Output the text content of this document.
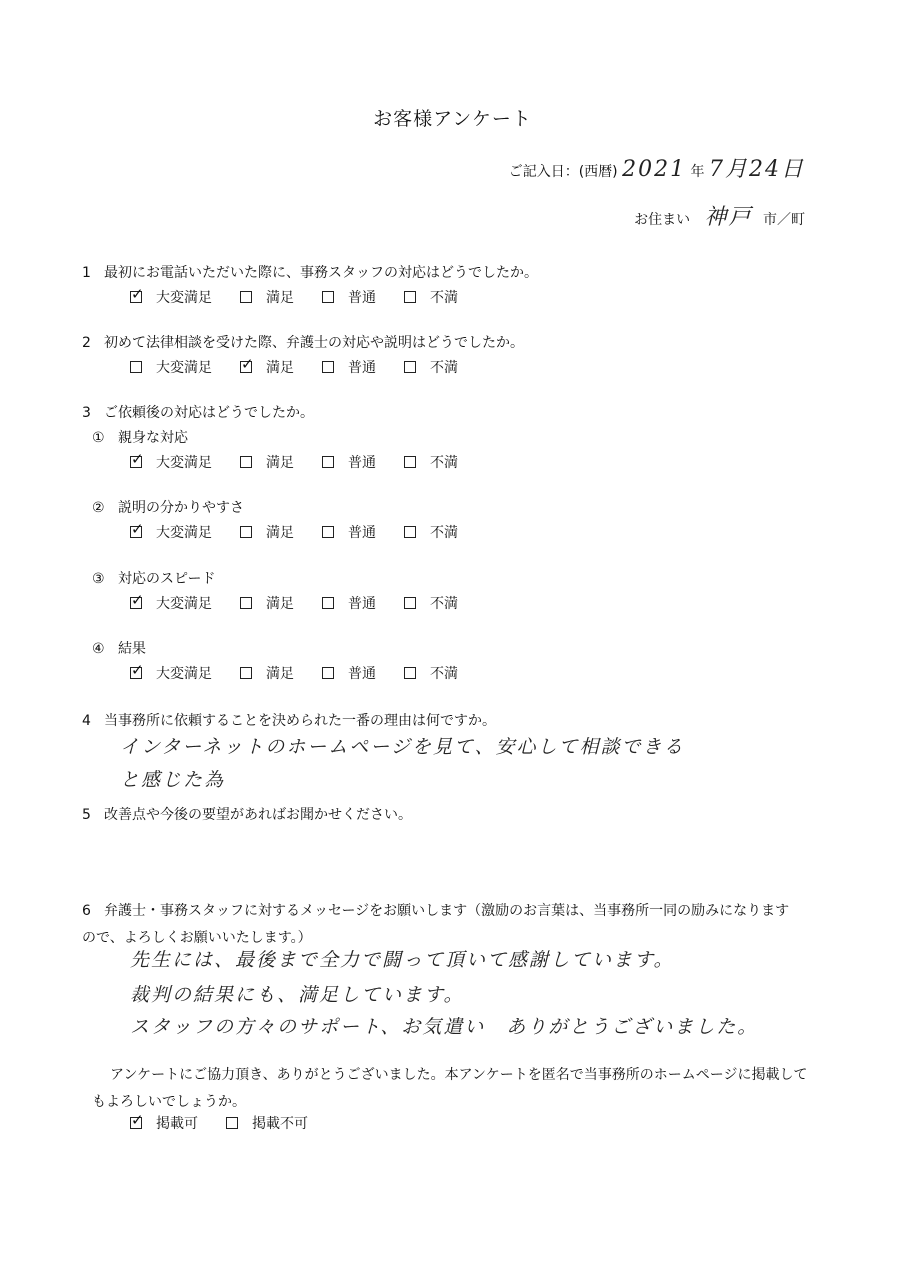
お客様アンケート
ご記入日：(西暦) 2021 年 7月24日
お住まい 神戸 市／町
1 最初にお電話いただいた際に、事務スタッフの対応はどうでしたか。
✓大変満足	満足	普通	不満
2 初めて法律相談を受けた際、弁護士の対応や説明はどうでしたか。
大変満足✓	満足	普通	不満
3 ご依頼後の対応はどうでしたか。
① 親身な対応
✓大変満足	満足	普通	不満
② 説明の分かりやすさ
✓大変満足	満足	普通	不満
③ 対応のスピード
✓大変満足	満足	普通	不満
④ 結果
✓大変満足	満足	普通	不満
4 当事務所に依頼することを決められた一番の理由は何ですか。
インターネットのホームページを見て、安心して相談できる
と感じた為
5 改善点や今後の要望があればお聞かせください。
6 弁護士・事務スタッフに対するメッセージをお願いします（激励のお言葉は、当事務所一同の励みになりますので、よろしくお願いいたします。）
先生には、最後まで全力で闘って頂いて感謝しています。
裁判の結果にも、満足しています。
スタッフの方々のサポート、お気遣い　ありがとうございました。
アンケートにご協力頂き、ありがとうございました。本アンケートを匿名で当事務所のホームページに掲載してもよろしいでしょうか。
✓掲載可	掲載不可
